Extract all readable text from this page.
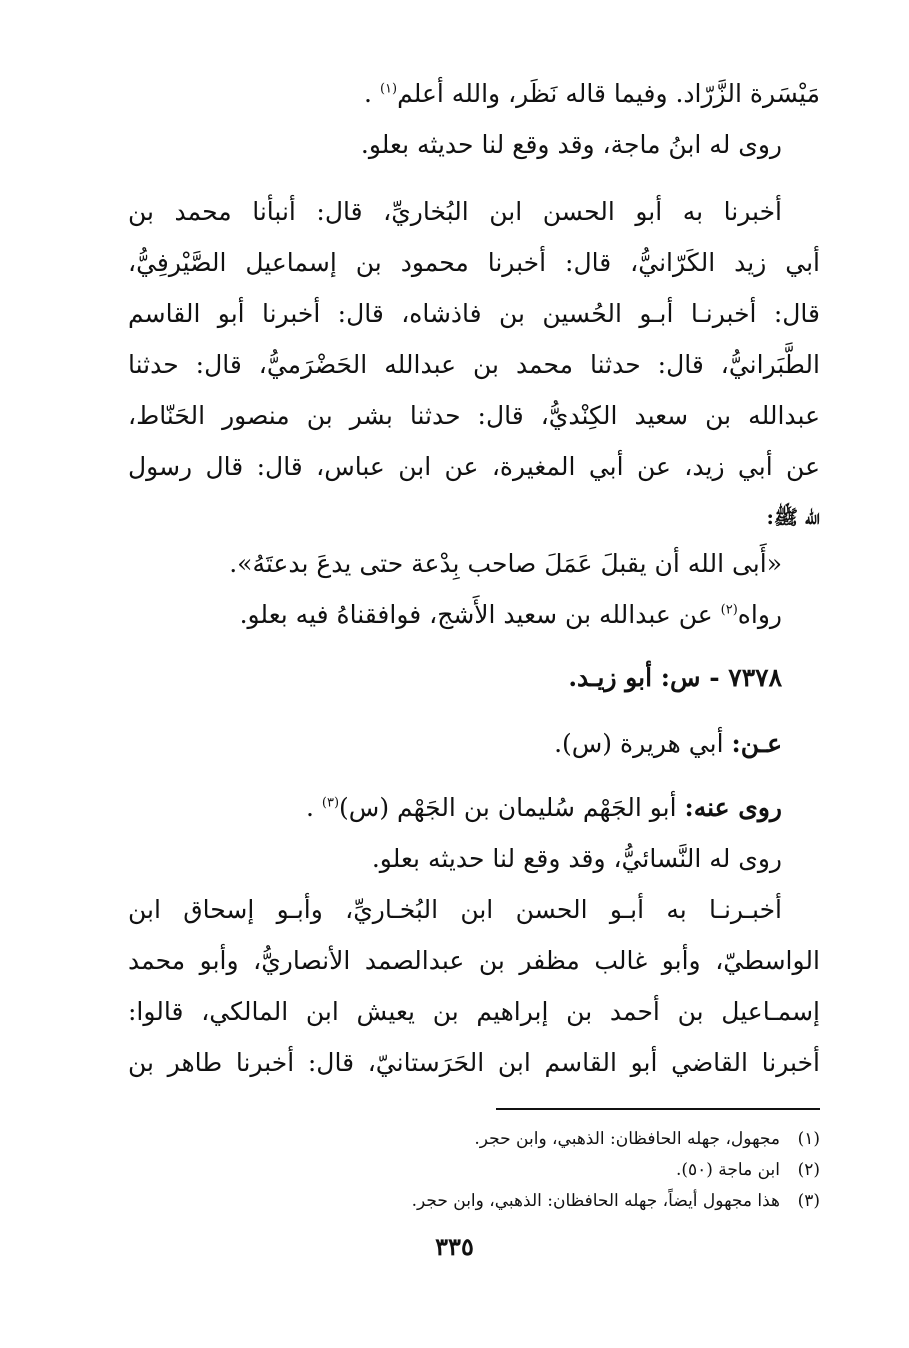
مَيْسَرة الزَّرّاد. وفيما قاله نَظَر، والله أعلم$^{(١)}$ .
روى له ابنُ ماجة، وقد وقع لنا حديثه بعلو.
أخبرنا به أبو الحسن ابن البُخاريِّ، قال: أنبأنا محمد بن
أبي زيد الكَرّانيُّ، قال: أخبرنا محمود بن إسماعيل الصَّيْرفِيُّ،
قال: أخبرنـا أبـو الحُسين بن فاذشاه، قال: أخبرنا أبو القاسم
الطَّبَرانيُّ، قال: حدثنا محمد بن عبدالله الحَضْرَميُّ، قال: حدثنا
عبدالله بن سعيد الكِنْديُّ، قال: حدثنا بشر بن منصور الحَنّاط،
عن أبي زيد، عن أبي المغيرة، عن ابن عباس، قال: قال رسول
الله ﷺ:
«أَبى الله أن يقبلَ عَمَلَ صاحب بِدْعة حتى يدعَ بدعتَهُ».
رواه$^{(٢)}$ عن عبدالله بن سعيد الأَشج، فوافقناهُ فيه بعلو.
٧٣٧٨ - س: أبو زيـد.
عـن: أبي هريرة (س).
روى عنه: أبو الجَهْم سُليمان بن الجَهْم (س)$^{(٣)}$ .
روى له النَّسائيُّ، وقد وقع لنا حديثه بعلو.
أخبـرنـا به أبـو الحسن ابن البُخـاريِّ، وأبـو إسحاق ابن
الواسطيّ، وأبو غالب مظفر بن عبدالصمد الأنصاريُّ، وأبو محمد
إسمـاعيل بن أحمد بن إبراهيم بن يعيش ابن المالكي، قالوا:
أخبرنا القاضي أبو القاسم ابن الحَرَستانيّ، قال: أخبرنا طاهر بن
(١)مجهول، جهله الحافظان: الذهبي، وابن حجر.
(٢)ابن ماجة (٥٠).
(٣)هذا مجهول أيضاً، جهله الحافظان: الذهبي، وابن حجر.
٣٣٥
